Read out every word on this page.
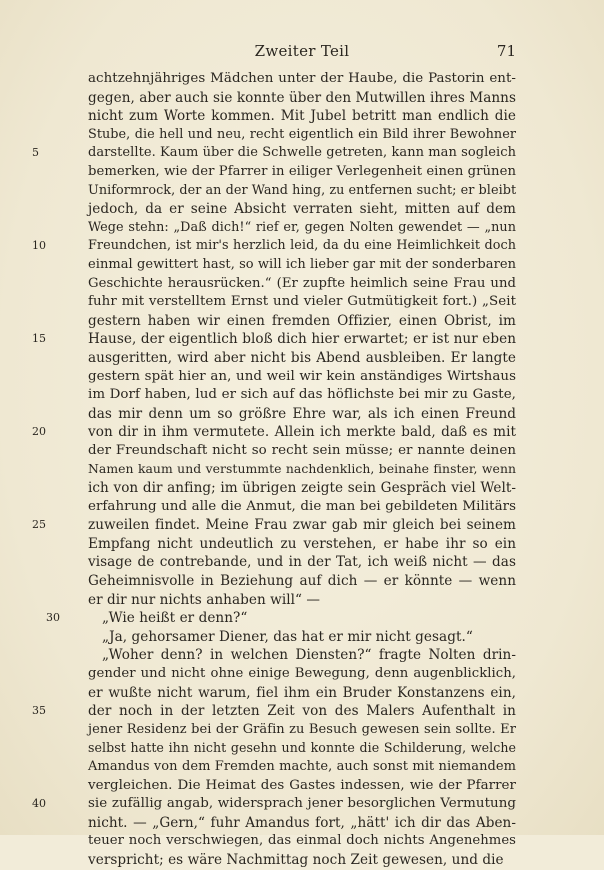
Zweiter Teil	71
achtzehnjähriges Mädchen unter der Haube, die Pastorin ent-
gegen, aber auch sie konnte über den Mutwillen ihres Manns
nicht zum Worte kommen. Mit Jubel betritt man endlich die
Stube, die hell und neu, recht eigentlich ein Bild ihrer Bewohner
5	darstellte. Kaum über die Schwelle getreten, kann man sogleich
bemerken, wie der Pfarrer in eiliger Verlegenheit einen grünen
Uniformrock, der an der Wand hing, zu entfernen sucht; er bleibt
jedoch, da er seine Absicht verraten sieht, mitten auf dem
Wege stehn: „Daß dich!“ rief er, gegen Nolten gewendet — „nun
10	Freundchen, ist mir's herzlich leid, da du eine Heimlichkeit doch
einmal gewittert hast, so will ich lieber gar mit der sonderbaren
Geschichte herausrücken.“ (Er zupfte heimlich seine Frau und
fuhr mit verstelltem Ernst und vieler Gutmütigkeit fort.) „Seit
gestern haben wir einen fremden Offizier, einen Obrist, im
15	Hause, der eigentlich bloß dich hier erwartet; er ist nur eben
ausgeritten, wird aber nicht bis Abend ausbleiben. Er langte
gestern spät hier an, und weil wir kein anständiges Wirtshaus
im Dorf haben, lud er sich auf das höflichste bei mir zu Gaste,
das mir denn um so größre Ehre war, als ich einen Freund
20	von dir in ihm vermutete. Allein ich merkte bald, daß es mit
der Freundschaft nicht so recht sein müsse; er nannte deinen
Namen kaum und verstummte nachdenklich, beinahe finster, wenn
ich von dir anfing; im übrigen zeigte sein Gespräch viel Welt-
erfahrung und alle die Anmut, die man bei gebildeten Militärs
25	zuweilen findet. Meine Frau zwar gab mir gleich bei seinem
Empfang nicht undeutlich zu verstehen, er habe ihr so ein
visage de contrebande, und in der Tat, ich weiß nicht — das
Geheimnisvolle in Beziehung auf dich — er könnte — wenn
er dir nur nichts anhaben will“ —
30	„Wie heißt er denn?“
„Ja, gehorsamer Diener, das hat er mir nicht gesagt.“
„Woher denn? in welchen Diensten?“ fragte Nolten drin-
gender und nicht ohne einige Bewegung, denn augenblicklich,
er wußte nicht warum, fiel ihm ein Bruder Konstanzens ein,
35	der noch in der letzten Zeit von des Malers Aufenthalt in
jener Residenz bei der Gräfin zu Besuch gewesen sein sollte. Er
selbst hatte ihn nicht gesehn und konnte die Schilderung, welche
Amandus von dem Fremden machte, auch sonst mit niemandem
vergleichen. Die Heimat des Gastes indessen, wie der Pfarrer
40	sie zufällig angab, widersprach jener besorglichen Vermutung
nicht. — „Gern,“ fuhr Amandus fort, „hätt' ich dir das Aben-
teuer noch verschwiegen, das einmal doch nichts Angenehmes
verspricht; es wäre Nachmittag noch Zeit gewesen, und die
